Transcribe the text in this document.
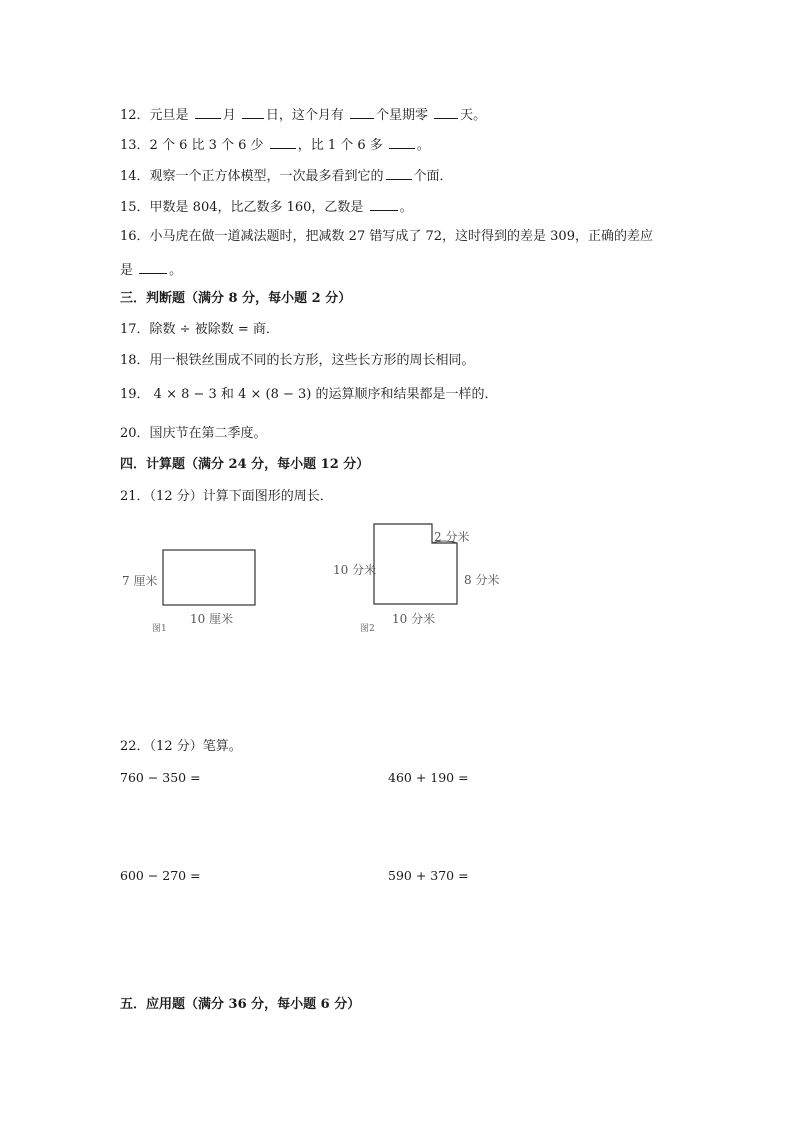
12．元旦是 月 日，这个月有 个星期零 天。
13．2 个 6 比 3 个 6 少 ，比 1 个 6 多 。
14．观察一个正方体模型，一次最多看到它的 个面．
15．甲数是 804，比乙数多 160，乙数是 。
16．小马虎在做一道减法题时，把减数 27 错写成了 72，这时得到的差是 309，正确的差应
是 。
三．判断题（满分 8 分，每小题 2 分）
17．除数 ÷ 被除数 = 商．
18．用一根铁丝围成不同的长方形，这些长方形的周长相同。
19． 4 × 8 − 3 和 4 × (8 − 3) 的运算顺序和结果都是一样的．
20．国庆节在第二季度。
四．计算题（满分 24 分，每小题 12 分）
21．（12 分）计算下面图形的周长．
7 厘米
10 厘米
图1
10 分米
2 分米
8 分米
10 分米
图2
22．（12 分）笔算。
760 − 350 =	460 + 190 =
600 − 270 =	590 + 370 =
五．应用题（满分 36 分，每小题 6 分）
